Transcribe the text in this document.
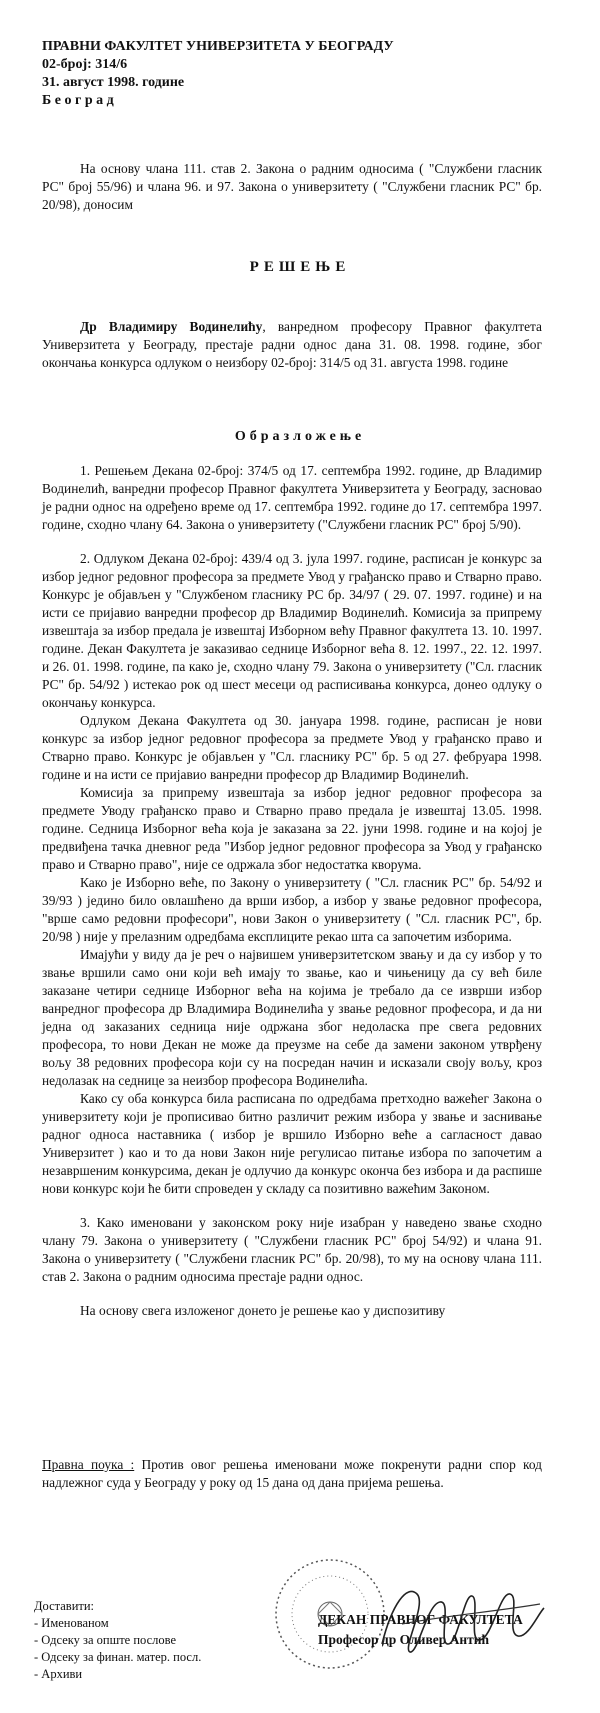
ПРАВНИ ФАКУЛТЕТ УНИВЕРЗИТЕТА У БЕОГРАДУ
02-број: 314/6
31. август 1998. године
Б е о г р а д
На основу члана 111. став 2. Закона о радним односима ( "Службени гласник РС" број 55/96) и члана 96. и 97. Закона о универзитету ( "Службени гласник РС" бр. 20/98), доносим
РЕШЕЊЕ
Др Владимиру Водинелићу, ванредном професору Правног факултета Универзитета у Београду, престаје радни однос дана 31. 08. 1998. године, због окончања конкурса одлуком о неизбору 02-број: 314/5 од 31. августа 1998. године
Образложење

1. Решењем Декана 02-број: 374/5 од 17. септембра 1992. године, др Владимир Водинелић, ванредни професор Правног факултета Универзитета у Београду, засновао је радни однос на одређено време од 17. септембра 1992. године до 17. септембра 1997. године, сходно члану 64. Закона о универзитету ("Службени гласник РС" број 5/90).

2. Одлуком Декана 02-број: 439/4 од 3. јула 1997. године, расписан је конкурс за избор једног редовног професора за предмете Увод у грађанско право и Стварно право. Конкурс је објављен у "Службеном гласнику РС бр. 34/97 ( 29. 07. 1997. године) и на исти се пријавио ванредни професор др Владимир Водинелић. Комисија за припрему извештаја за избор предала је извештај Изборном већу Правног факултета 13. 10. 1997. године. Декан Факултета је заказивао седнице Изборног већа 8. 12. 1997., 22. 12. 1997. и 26. 01. 1998. године, па како је, сходно члану 79. Закона о универзитету ("Сл. гласник РС" бр. 54/92 ) истекао рок од шест месеци од расписивања конкурса, донео одлуку о окончању конкурса.

Одлуком Декана Факултета од 30. јануара 1998. године, расписан је нови конкурс за избор једног редовног професора за предмете Увод у грађанско право и Стварно право. Конкурс је објављен у "Сл. гласнику РС" бр. 5 од 27. фебруара 1998. године и на исти се пријавио ванредни професор др Владимир Водинелић.

Комисија за припрему извештаја за избор једног редовног професора за предмете Уводу грађанско право и Стварно право предала је извештај 13.05. 1998. године. Седница Изборног већа која је заказана за 22. јуни 1998. године и на којој је предвиђена тачка дневног реда "Избор једног редовног професора за Увод у грађанско право и Стварно право", није се одржала због недостатка кворума.

Како је Изборно веће, по Закону о универзитету ( "Сл. гласник РС" бр. 54/92 и 39/93 ) једино било овлашћено да врши избор, а избор у звање редовног професора, "врше само редовни професори", нови Закон о универзитету ( "Сл. гласник РС", бр. 20/98 ) није у прелазним одредбама експлиците рекао шта са започетим изборима.

Имајући у виду да је реч о највишем универзитетском звању и да су избор у то звање вршили само они који већ имају то звање, као и чињеницу да су већ биле заказане четири седнице Изборног већа на којима је требало да се изврши избор ванредног професора др Владимира Водинелића у звање редовног професора, и да ни једна од заказаних седница није одржана због недоласка пре свега редовних професора, то нови Декан не може да преузме на себе да замени законом утврђену вољу 38 редовних професора који су на посредан начин и исказали своју вољу, кроз недолазак на седнице за неизбор професора Водинелића.

Како су оба конкурса била расписана по одредбама претходно важећег Закона о универзитету који је прописивао битно различит режим избора у звање и заснивање радног односа наставника ( избор је вршило Изборно веће а сагласност давао Универзитет ) као и то да нови Закон није регулисао питање избора по започетим а незавршеним конкурсима, декан је одлучио да конкурс оконча без избора и да распише нови конкурс који ће бити спроведен у складу са позитивно важећим Законом.

3. Како именовани у законском року није изабран у наведено звање сходно члану 79. Закона о универзитету ( "Службени гласник РС" број 54/92) и члана 91. Закона о универзитету ( "Службени гласник РС" бр. 20/98), то му на основу члана 111. став 2. Закона о радним односима престаје радни однос.

На основу свега изложеног донето је решење као у диспозитиву

Правна поука : Против овог решења именовани може покренути радни спор код надлежног суда у Београду у року од 15 дана од дана пријема решења.
Доставити:
- Именованом
- Одсеку за опште послове
- Одсеку за финан. матер. посл.
- Архиви
ДЕКАН ПРАВНОГ ФАКУЛТЕТА
Професор др Оливер Антић
